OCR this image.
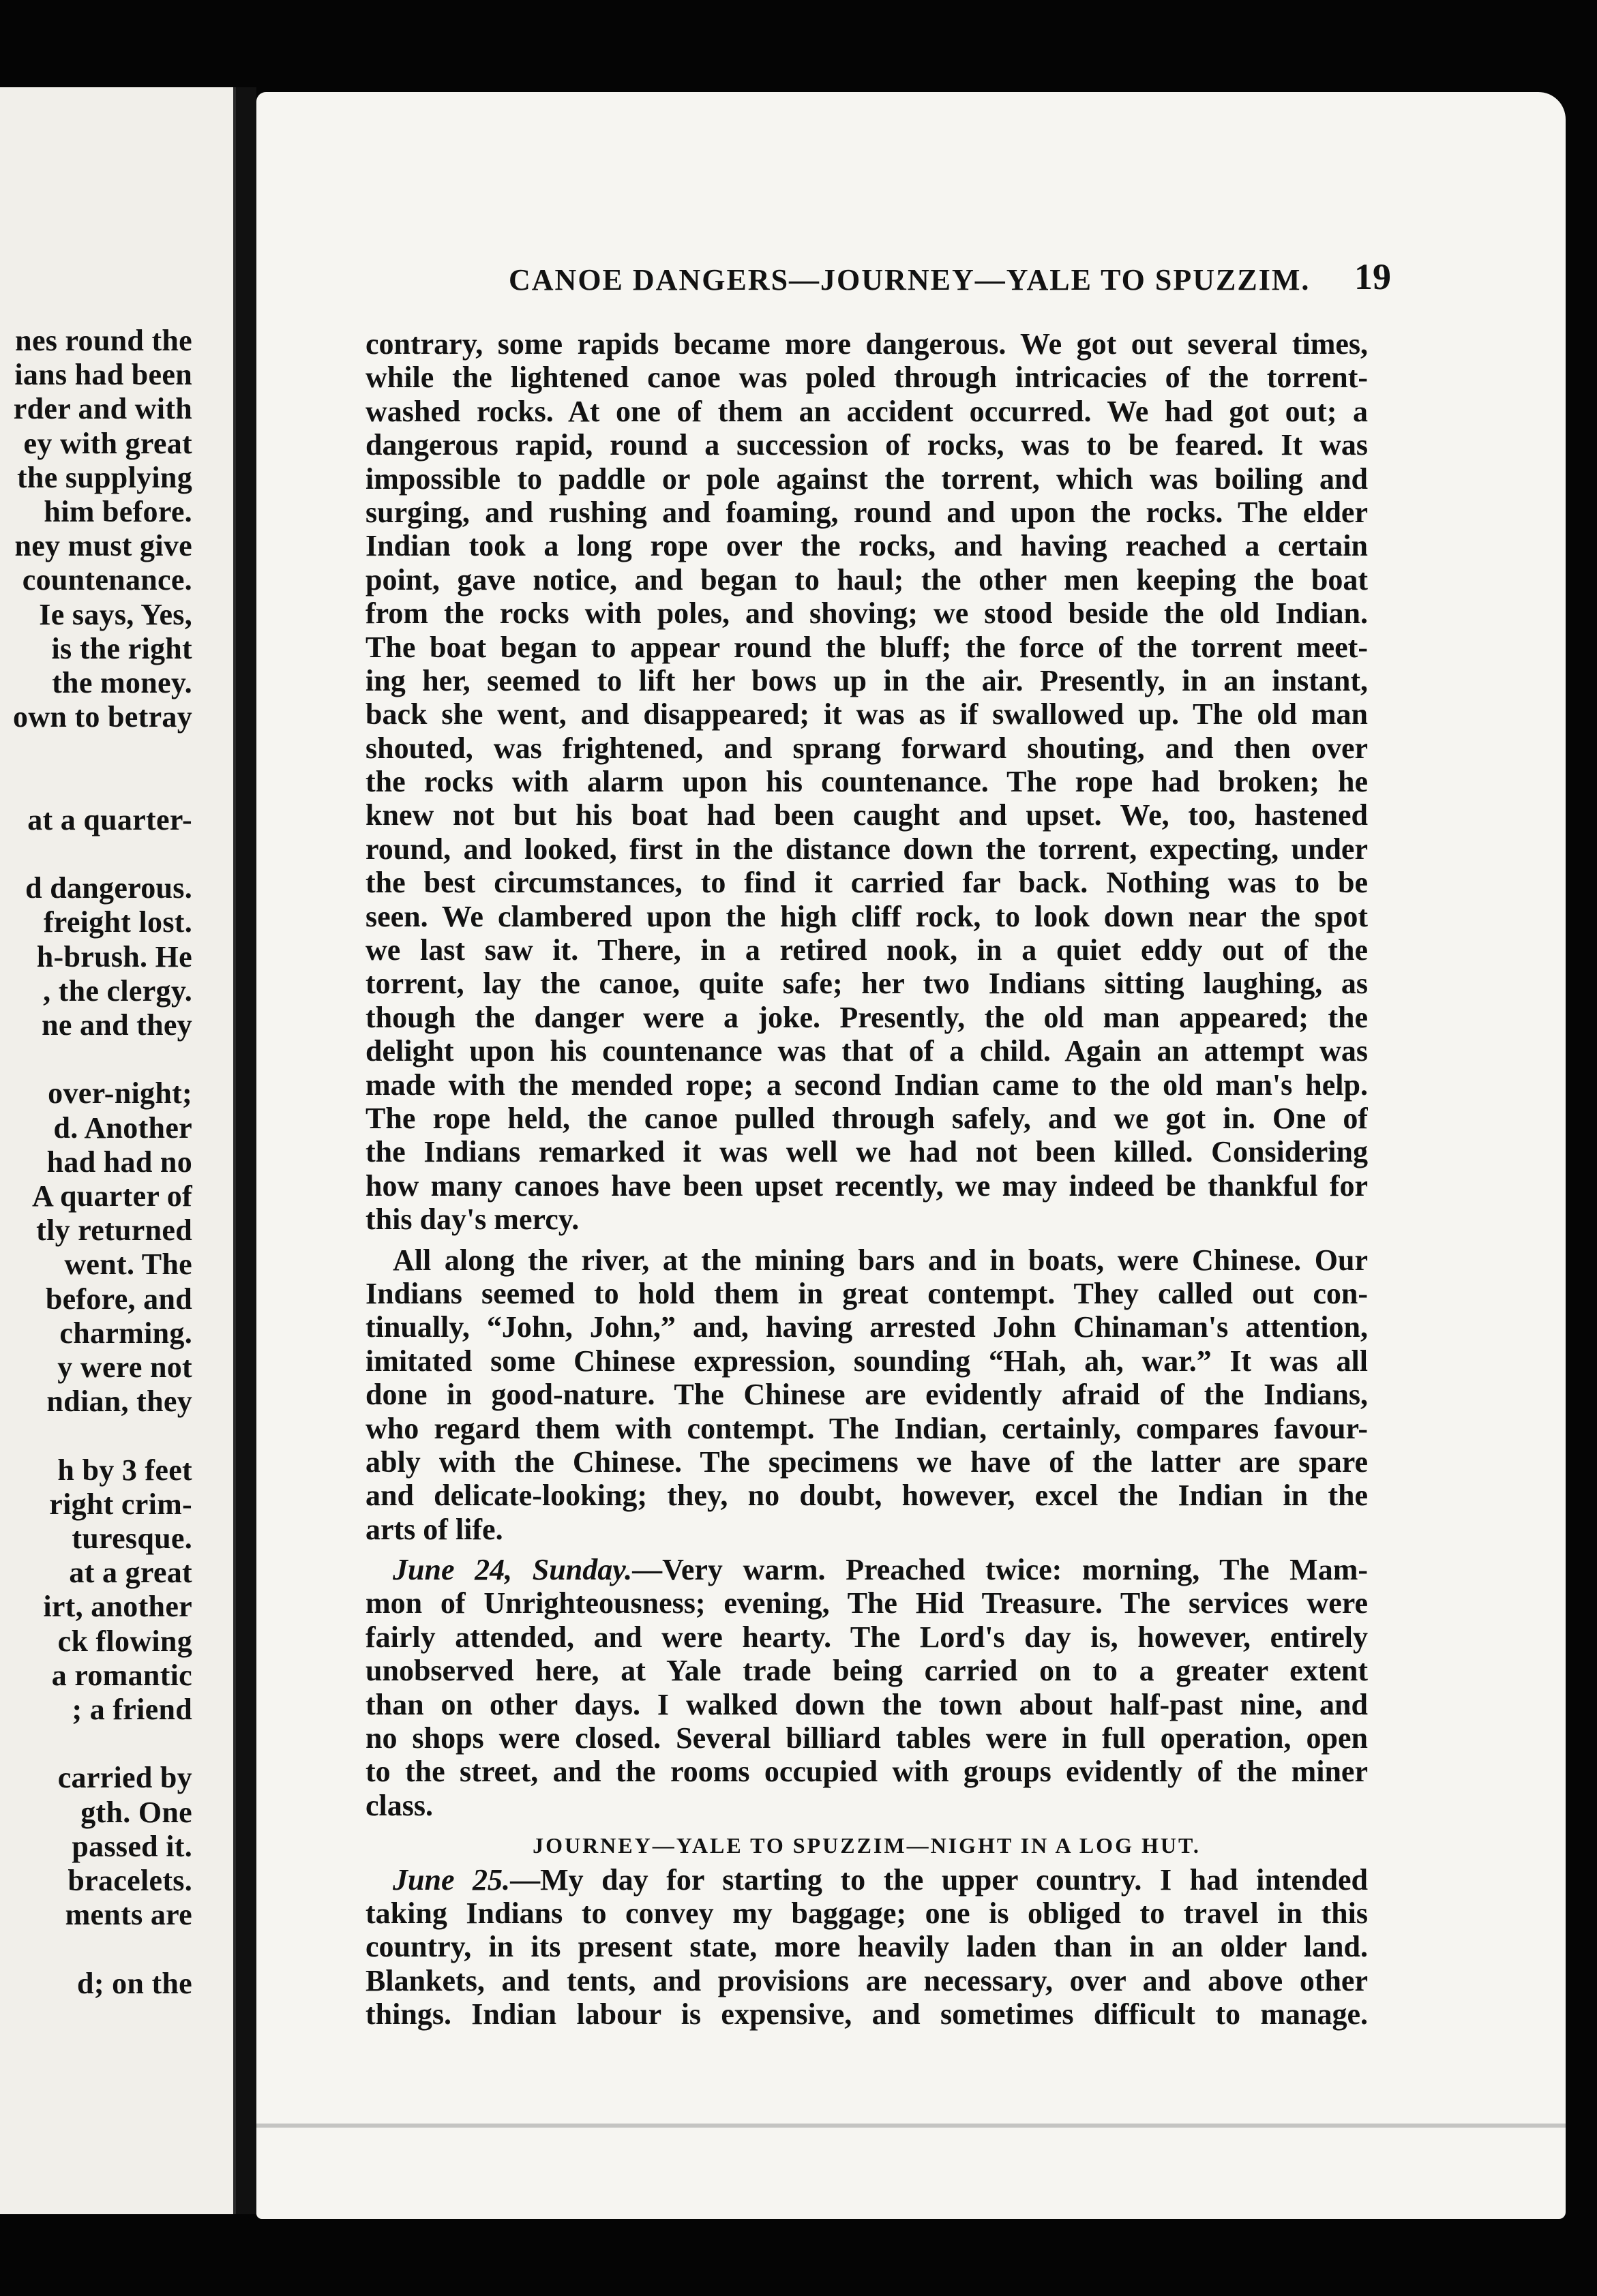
nes round the
ians had been
rder and with
ey with great
the supplying
him before.
ney must give
countenance.
Ie says, Yes,
is the right
the money.
own to betray
at a quarter-
d dangerous.
freight lost.
h-brush. He
, the clergy.
ne and they
over-night;
d. Another
had had no
A quarter of
tly returned
went. The
before, and
charming.
y were not
ndian, they
h by 3 feet
right crim-
turesque.
at a great
irt, another
ck flowing
a romantic
; a friend
carried by
gth. One
passed it.
bracelets.
ments are
d; on the
CANOE DANGERS—JOURNEY—YALE TO SPUZZIM.	19
contrary, some rapids became more dangerous. We got out several times,
while the lightened canoe was poled through intricacies of the torrent-
washed rocks. At one of them an accident occurred. We had got out; a
dangerous rapid, round a succession of rocks, was to be feared. It was
impossible to paddle or pole against the torrent, which was boiling and
surging, and rushing and foaming, round and upon the rocks. The elder
Indian took a long rope over the rocks, and having reached a certain
point, gave notice, and began to haul; the other men keeping the boat
from the rocks with poles, and shoving; we stood beside the old Indian.
The boat began to appear round the bluff; the force of the torrent meet-
ing her, seemed to lift her bows up in the air. Presently, in an instant,
back she went, and disappeared; it was as if swallowed up. The old man
shouted, was frightened, and sprang forward shouting, and then over
the rocks with alarm upon his countenance. The rope had broken; he
knew not but his boat had been caught and upset. We, too, hastened
round, and looked, first in the distance down the torrent, expecting, under
the best circumstances, to find it carried far back. Nothing was to be
seen. We clambered upon the high cliff rock, to look down near the spot
we last saw it. There, in a retired nook, in a quiet eddy out of the
torrent, lay the canoe, quite safe; her two Indians sitting laughing, as
though the danger were a joke. Presently, the old man appeared; the
delight upon his countenance was that of a child. Again an attempt was
made with the mended rope; a second Indian came to the old man's help.
The rope held, the canoe pulled through safely, and we got in. One of
the Indians remarked it was well we had not been killed. Considering
how many canoes have been upset recently, we may indeed be thankful for
this day's mercy.
All along the river, at the mining bars and in boats, were Chinese. Our
Indians seemed to hold them in great contempt. They called out con-
tinually, “John, John,” and, having arrested John Chinaman's attention,
imitated some Chinese expression, sounding “Hah, ah, war.” It was all
done in good-nature. The Chinese are evidently afraid of the Indians,
who regard them with contempt. The Indian, certainly, compares favour-
ably with the Chinese. The specimens we have of the latter are spare
and delicate-looking; they, no doubt, however, excel the Indian in the
arts of life.
June 24, Sunday.—Very warm. Preached twice: morning, The Mam-
mon of Unrighteousness; evening, The Hid Treasure. The services were
fairly attended, and were hearty. The Lord's day is, however, entirely
unobserved here, at Yale trade being carried on to a greater extent
than on other days. I walked down the town about half-past nine, and
no shops were closed. Several billiard tables were in full operation, open
to the street, and the rooms occupied with groups evidently of the miner
class.
JOURNEY—YALE TO SPUZZIM—NIGHT IN A LOG HUT.
June 25.—My day for starting to the upper country. I had intended
taking Indians to convey my baggage; one is obliged to travel in this
country, in its present state, more heavily laden than in an older land.
Blankets, and tents, and provisions are necessary, over and above other
things. Indian labour is expensive, and sometimes difficult to manage.
